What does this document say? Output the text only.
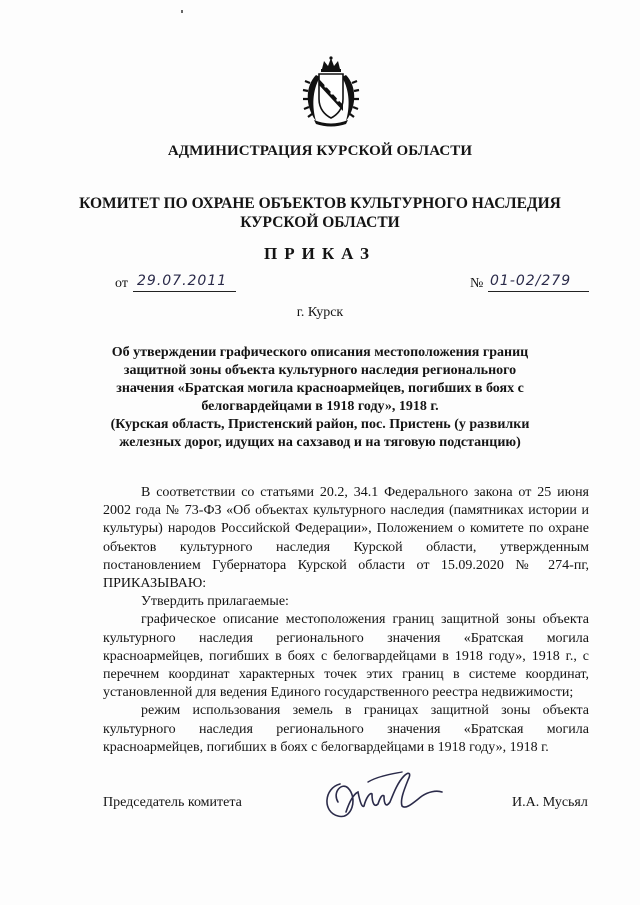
АДМИНИСТРАЦИЯ КУРСКОЙ ОБЛАСТИ
КОМИТЕТ ПО ОХРАНЕ ОБЪЕКТОВ КУЛЬТУРНОГО НАСЛЕДИЯ
КУРСКОЙ ОБЛАСТИ
ПРИКАЗ
от 29.07.2011	№ 01-02/279
г. Курск
Об утверждении графического описания местоположения границ
защитной зоны объекта культурного наследия регионального
значения «Братская могила красноармейцев, погибших в боях с
белогвардейцами в 1918 году», 1918 г.
(Курская область, Пристенский район, пос. Пристень (у развилки
железных дорог, идущих на сахзавод и на тяговую подстанцию)

В соответствии со статьями 20.2, 34.1 Федерального закона от 25 июня 2002 года № 73-ФЗ «Об объектах культурного наследия (памятниках истории и культуры) народов Российской Федерации», Положением о комитете по охране объектов культурного наследия Курской области, утвержденным постановлением Губернатора Курской области от 15.09.2020 № 274-пг, ПРИКАЗЫВАЮ:

Утвердить прилагаемые:

графическое описание местоположения границ защитной зоны объекта культурного наследия регионального значения «Братская могила красноармейцев, погибших в боях с белогвардейцами в 1918 году», 1918 г., с перечнем координат характерных точек этих границ в системе координат, установленной для ведения Единого государственного реестра недвижимости;

режим использования земель в границах защитной зоны объекта культурного наследия регионального значения «Братская могила красноармейцев, погибших в боях с белогвардейцами в 1918 году», 1918 г.

Председатель комитета	И.А. Мусьял
